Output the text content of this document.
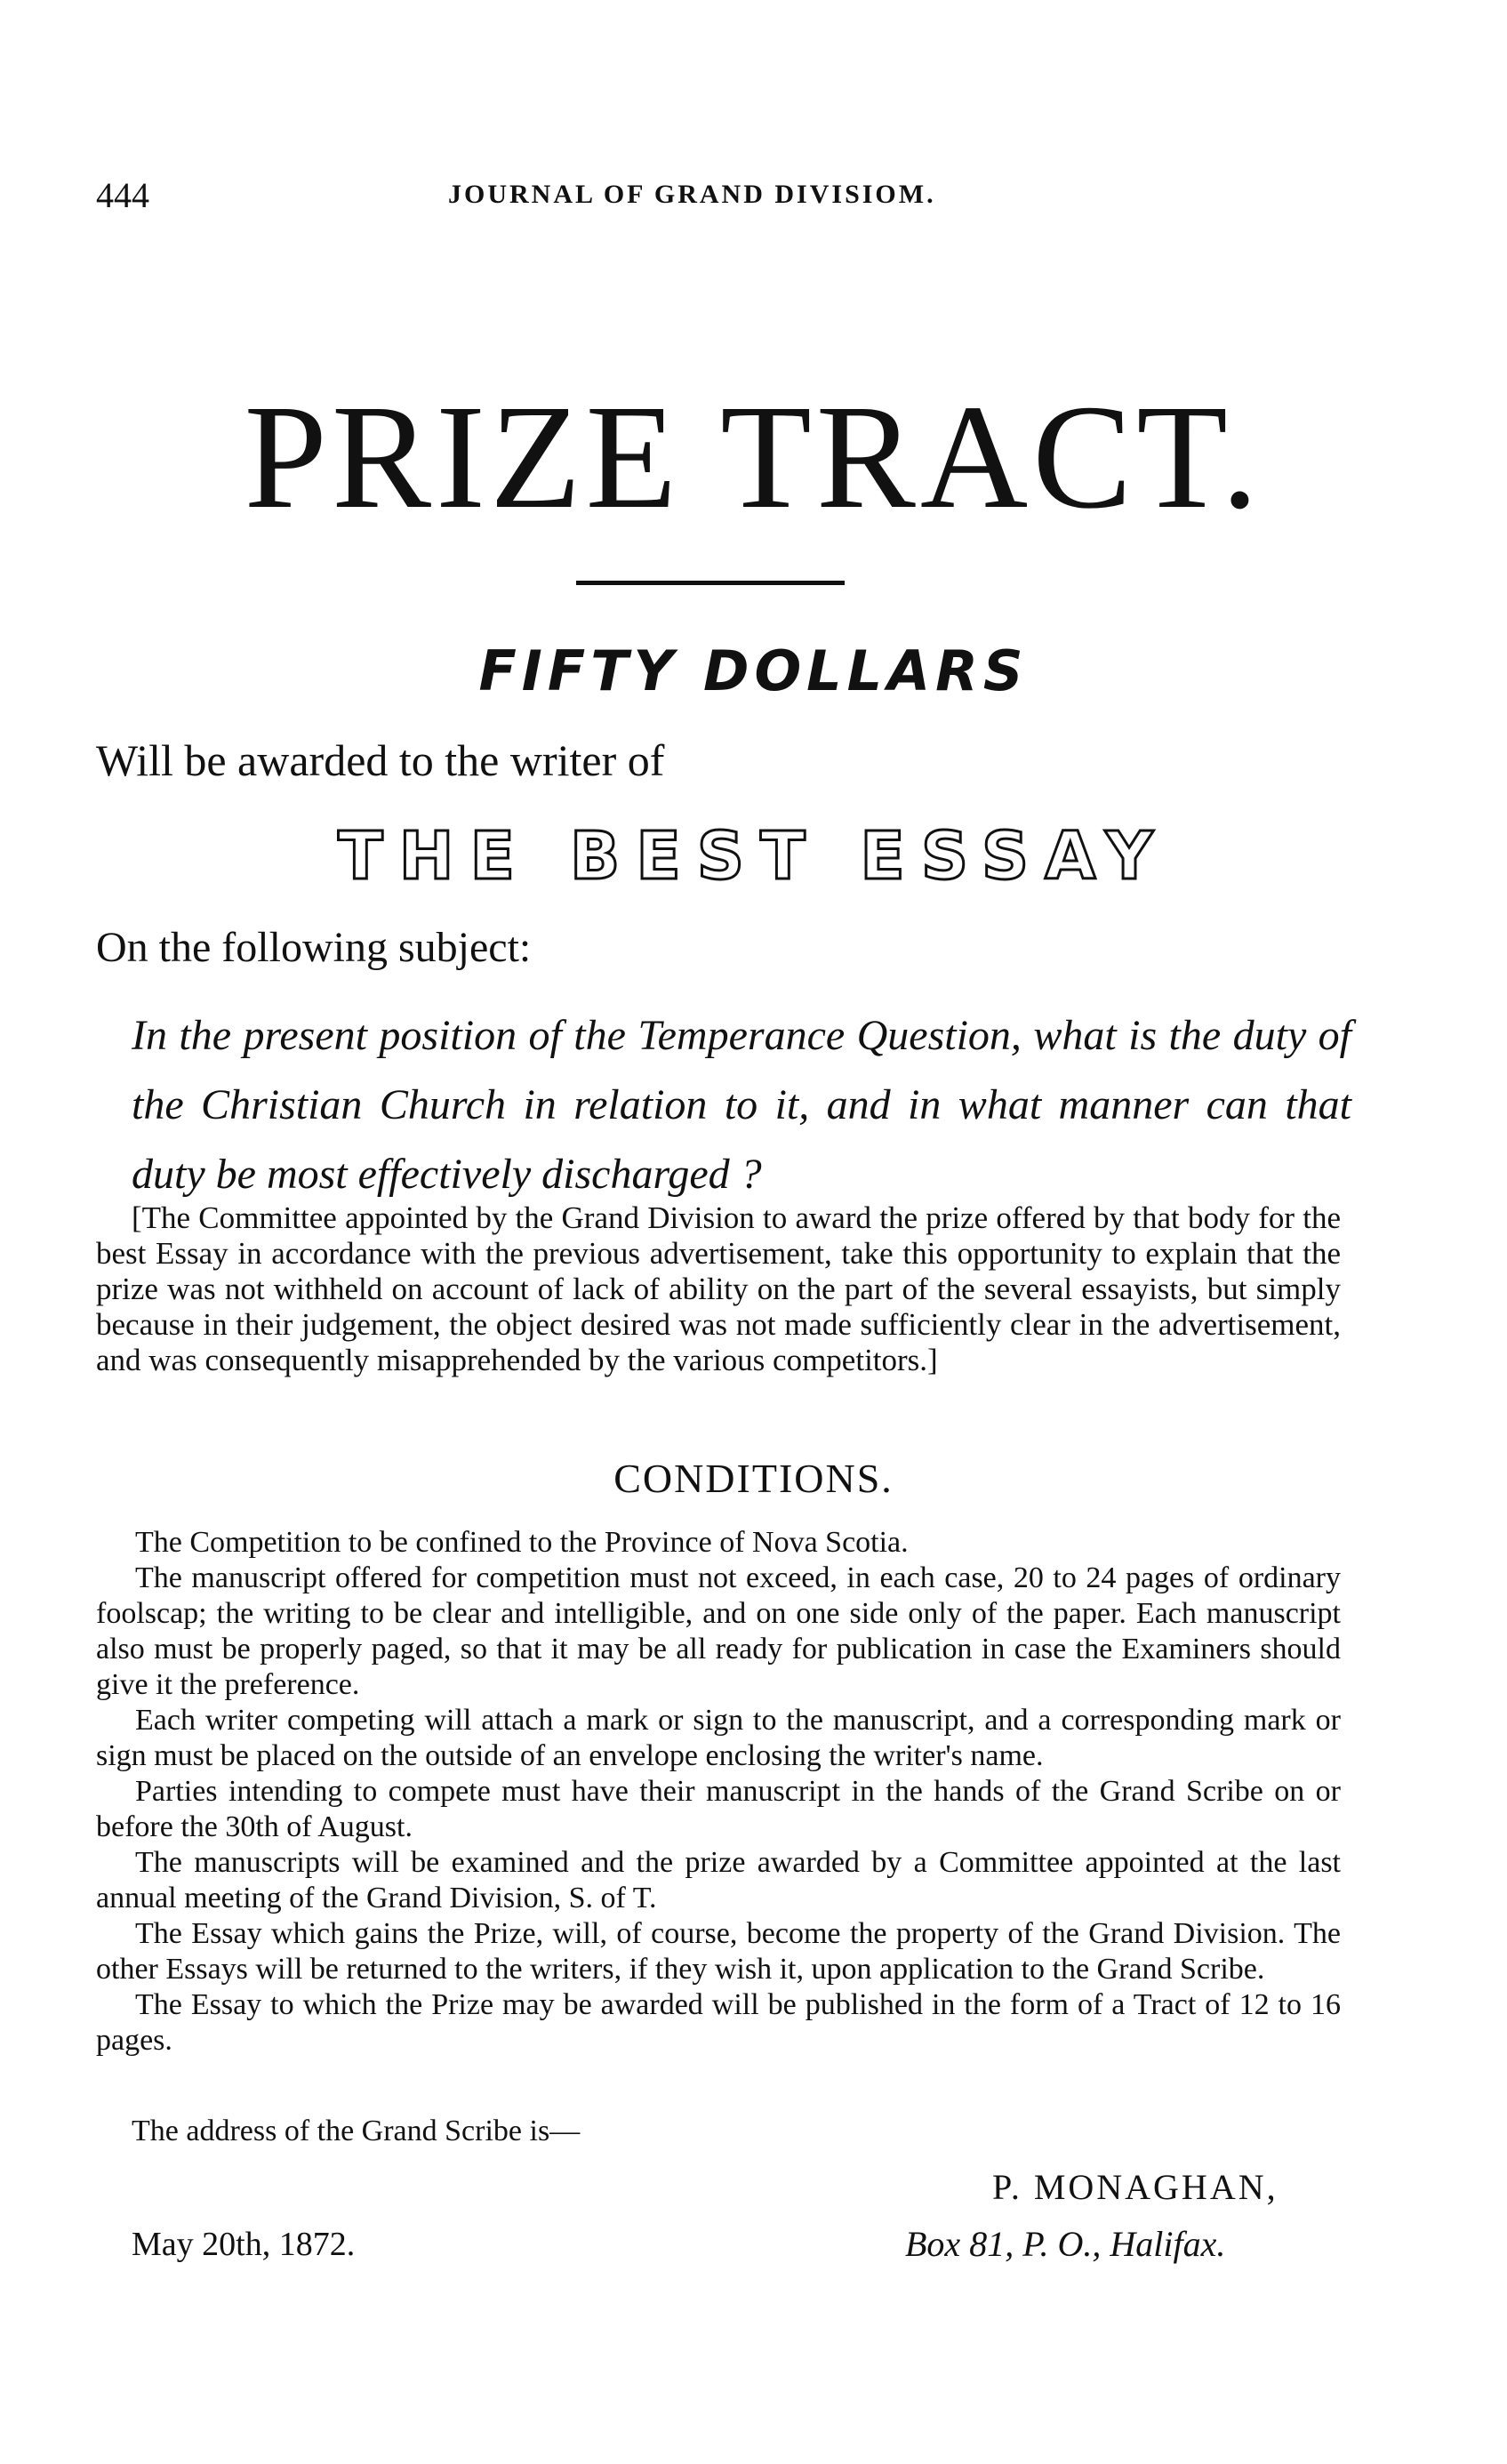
444	JOURNAL OF GRAND DIVISIOM.
PRIZE TRACT.
FIFTY DOLLARS
Will be awarded to the writer of
THE BEST ESSAY
On the following subject:
In the present position of the Temperance Question, what is the duty of the Christian Church in relation to it, and in what manner can that duty be most effectively discharged ?
[The Committee appointed by the Grand Division to award the prize offered by that body for the best Essay in accordance with the previous advertisement, take this opportunity to explain that the prize was not withheld on account of lack of ability on the part of the several essayists, but simply because in their judgement, the object desired was not made sufficiently clear in the advertisement, and was consequently misapprehended by the various competitors.]
CONDITIONS.

The Competition to be confined to the Province of Nova Scotia.

The manuscript offered for competition must not exceed, in each case, 20 to 24 pages of ordinary foolscap; the writing to be clear and intelligible, and on one side only of the paper. Each manuscript also must be properly paged, so that it may be all ready for publication in case the Examiners should give it the preference.

Each writer competing will attach a mark or sign to the manuscript, and a corresponding mark or sign must be placed on the outside of an envelope enclosing the writer's name.

Parties intending to compete must have their manuscript in the hands of the Grand Scribe on or before the 30th of August.

The manuscripts will be examined and the prize awarded by a Committee appointed at the last annual meeting of the Grand Division, S. of T.

The Essay which gains the Prize, will, of course, become the property of the Grand Division. The other Essays will be returned to the writers, if they wish it, upon application to the Grand Scribe.

The Essay to which the Prize may be awarded will be published in the form of a Tract of 12 to 16 pages.

The address of the Grand Scribe is—
P. MONAGHAN,
May 20th, 1872.	Box 81, P. O., Halifax.
